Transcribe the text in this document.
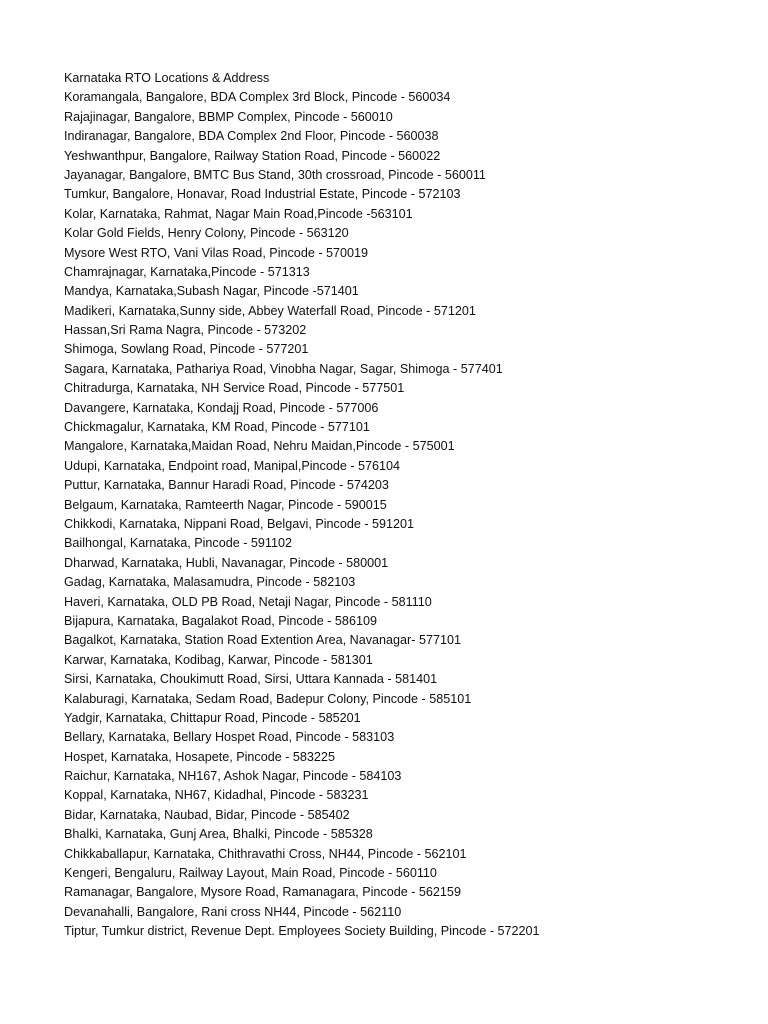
Karnataka RTO Locations & Address
Koramangala, Bangalore, BDA Complex 3rd Block, Pincode - 560034
Rajajinagar, Bangalore, BBMP Complex, Pincode - 560010
Indiranagar, Bangalore, BDA Complex 2nd Floor, Pincode - 560038
Yeshwanthpur, Bangalore, Railway Station Road, Pincode - 560022
Jayanagar, Bangalore, BMTC Bus Stand, 30th crossroad, Pincode - 560011
Tumkur, Bangalore, Honavar, Road Industrial Estate, Pincode - 572103
Kolar, Karnataka, Rahmat, Nagar Main Road,Pincode -563101
Kolar Gold Fields, Henry Colony, Pincode - 563120
Mysore West RTO, Vani Vilas Road, Pincode - 570019
Chamrajnagar, Karnataka,Pincode - 571313
Mandya, Karnataka,Subash Nagar, Pincode -571401
Madikeri, Karnataka,Sunny side, Abbey Waterfall Road, Pincode - 571201
Hassan,Sri Rama Nagra, Pincode - 573202
Shimoga, Sowlang Road, Pincode - 577201
Sagara, Karnataka, Pathariya Road, Vinobha Nagar, Sagar, Shimoga - 577401
Chitradurga, Karnataka, NH Service Road, Pincode - 577501
Davangere, Karnataka, Kondajj Road, Pincode - 577006
Chickmagalur, Karnataka, KM Road, Pincode - 577101
Mangalore, Karnataka,Maidan Road, Nehru Maidan,Pincode - 575001
Udupi, Karnataka, Endpoint road, Manipal,Pincode - 576104
Puttur, Karnataka, Bannur Haradi Road, Pincode - 574203
Belgaum, Karnataka, Ramteerth Nagar, Pincode - 590015
Chikkodi, Karnataka, Nippani Road, Belgavi, Pincode - 591201
Bailhongal, Karnataka, Pincode - 591102
Dharwad, Karnataka, Hubli, Navanagar, Pincode - 580001
Gadag, Karnataka, Malasamudra, Pincode - 582103
Haveri, Karnataka, OLD PB Road, Netaji Nagar, Pincode - 581110
Bijapura, Karnataka, Bagalakot Road, Pincode - 586109
Bagalkot, Karnataka, Station Road Extention Area, Navanagar- 577101
Karwar, Karnataka, Kodibag, Karwar, Pincode - 581301
Sirsi, Karnataka, Choukimutt Road, Sirsi, Uttara Kannada - 581401
Kalaburagi, Karnataka, Sedam Road, Badepur Colony, Pincode - 585101
Yadgir, Karnataka, Chittapur Road, Pincode - 585201
Bellary, Karnataka, Bellary Hospet Road, Pincode - 583103
Hospet, Karnataka, Hosapete, Pincode - 583225
Raichur, Karnataka, NH167, Ashok Nagar, Pincode - 584103
Koppal, Karnataka, NH67, Kidadhal, Pincode - 583231
Bidar, Karnataka, Naubad, Bidar, Pincode - 585402
Bhalki, Karnataka, Gunj Area, Bhalki, Pincode - 585328
Chikkaballapur, Karnataka, Chithravathi Cross, NH44, Pincode - 562101
Kengeri, Bengaluru, Railway Layout, Main Road, Pincode - 560110
Ramanagar, Bangalore, Mysore Road, Ramanagara, Pincode - 562159
Devanahalli, Bangalore, Rani cross NH44, Pincode - 562110
Tiptur, Tumkur district, Revenue Dept. Employees Society Building, Pincode - 572201
